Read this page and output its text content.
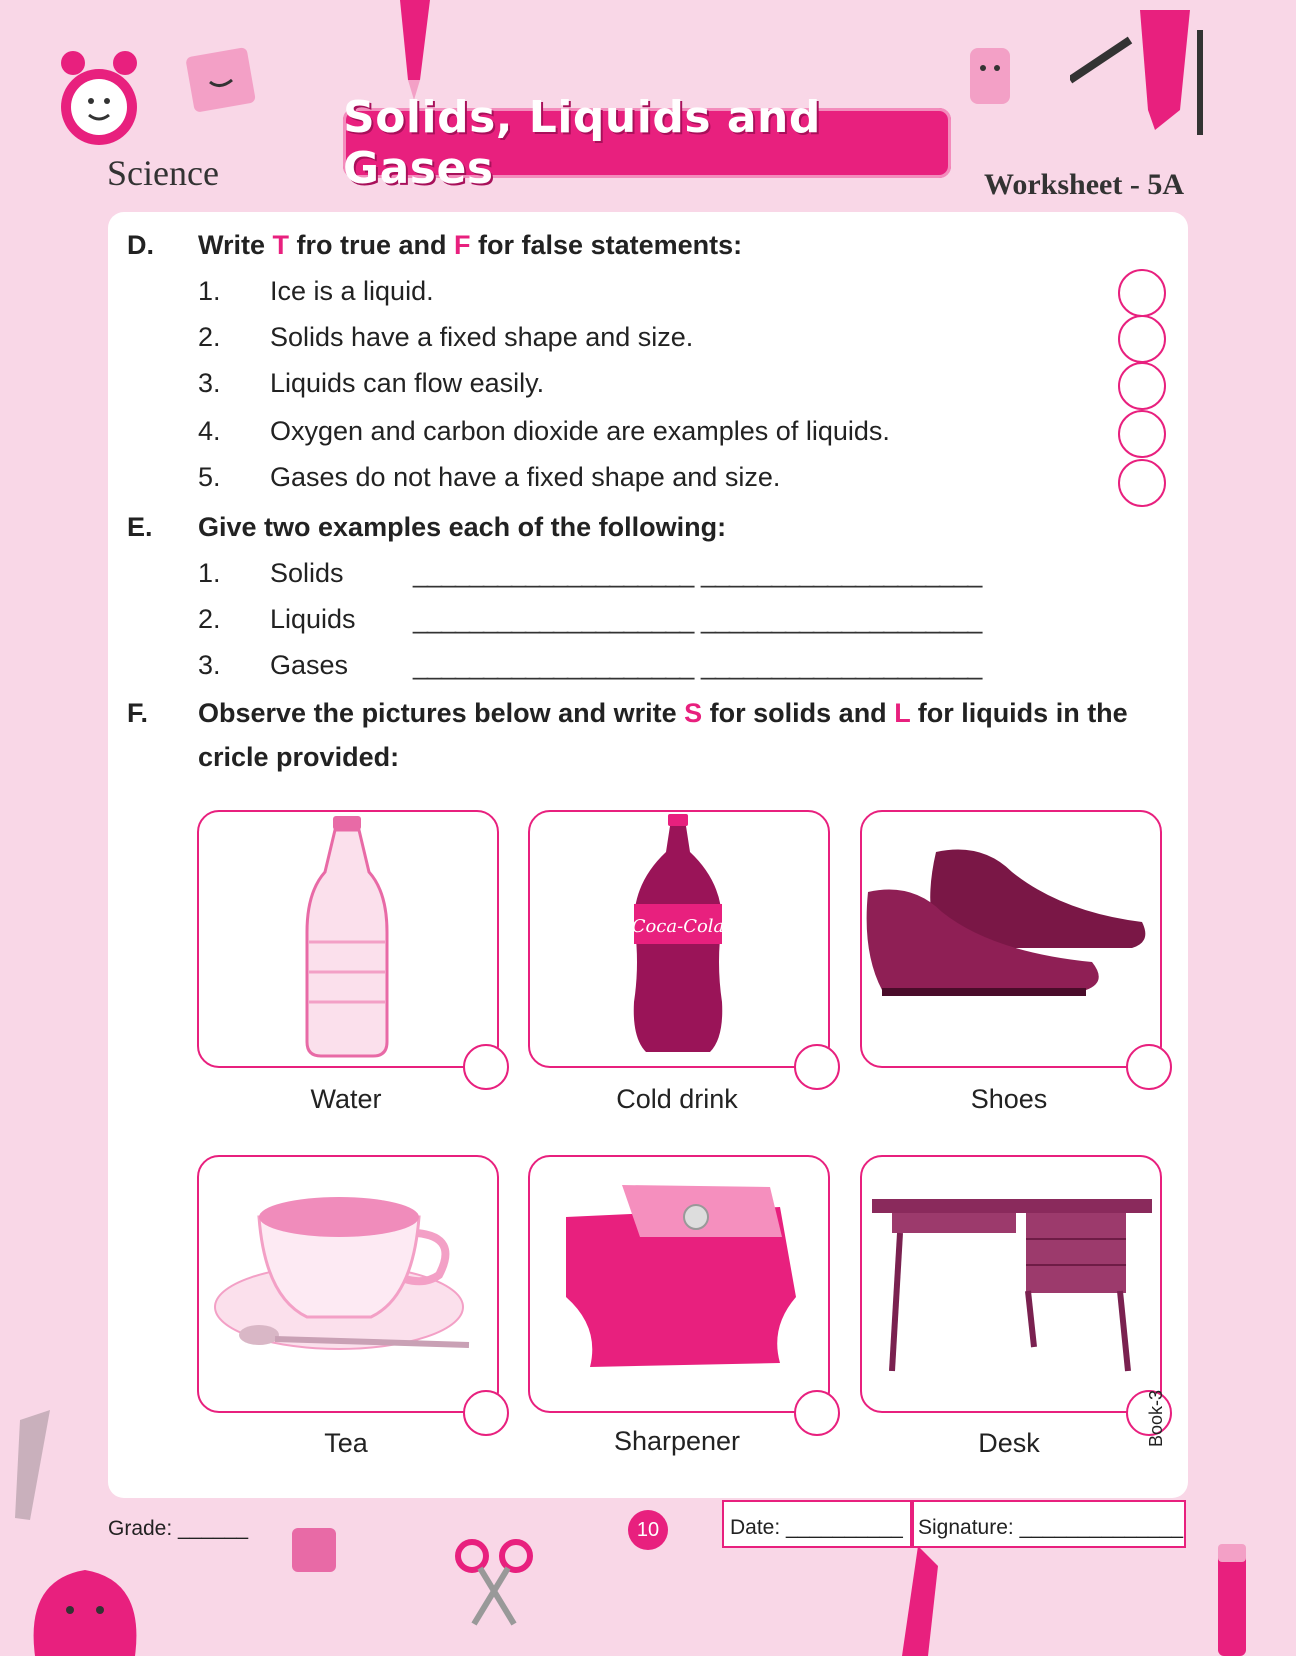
Science
Solids, Liquids and Gases	Worksheet - 5A
D. Write T fro true and F for false statements:
1. Ice is a liquid.
2. Solids have a fixed shape and size.
3. Liquids can flow easily.
4. Oxygen and carbon dioxide are examples of liquids.
5. Gases do not have a fixed shape and size.
E. Give two examples each of the following:
1. Solids	____________________ ____________________
2. Liquids ____________________ ____________________
3. Gases ____________________ ____________________
F. Observe the pictures below and write S for solids and L for liquids in the
cricle provided:
Water
Coca-Cola
Cold drink	Shoes
Tea	Sharpener	Desk	Book-3
Grade: ______	10	Date: __________ Signature: ______________
